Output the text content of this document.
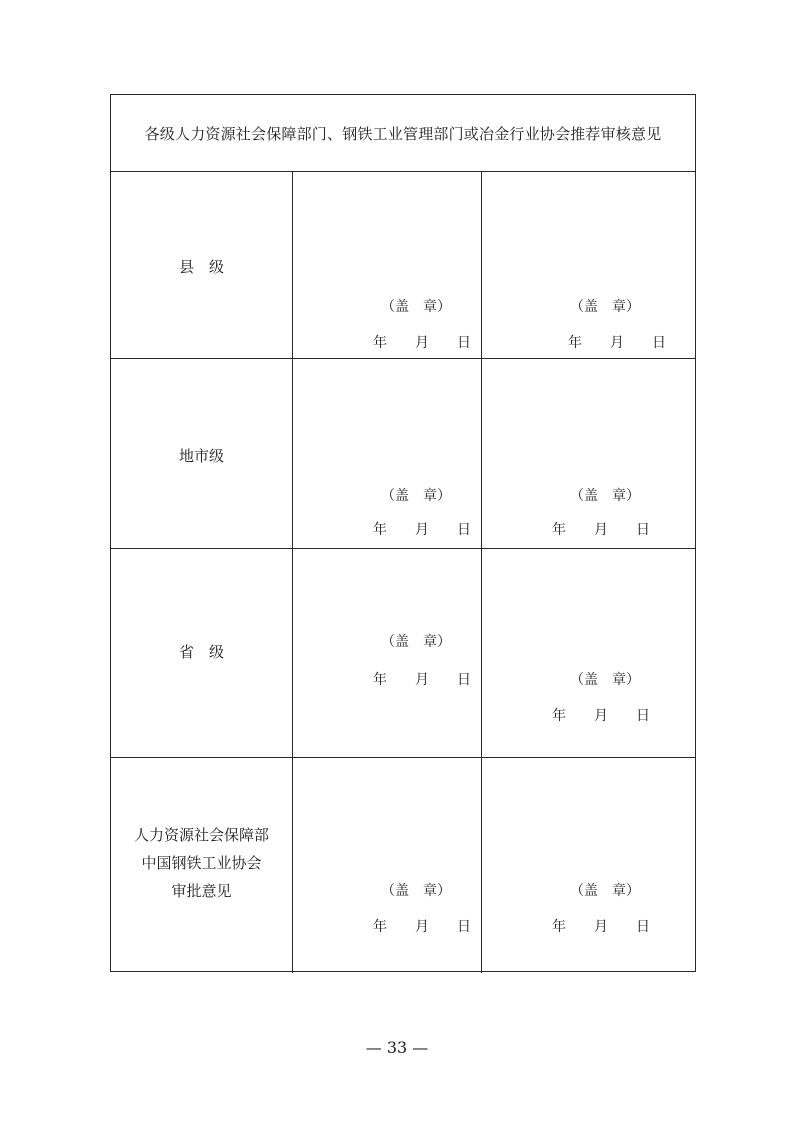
各级人力资源社会保障部门、钢铁工业管理部门或冶金行业协会推荐审核意见
县　级
（盖　章）
年　　月　　日
（盖　章）
年　　月　　日
地市级
（盖　章）
年　　月　　日
（盖　章）
年　　月　　日
省　级
（盖　章）
年　　月　　日	（盖　章）
年　　月　　日
人力资源社会保障部
中国钢铁工业协会
审批意见	（盖　章）
年　　月　　日
（盖　章）
年　　月　　日
— 33 —
